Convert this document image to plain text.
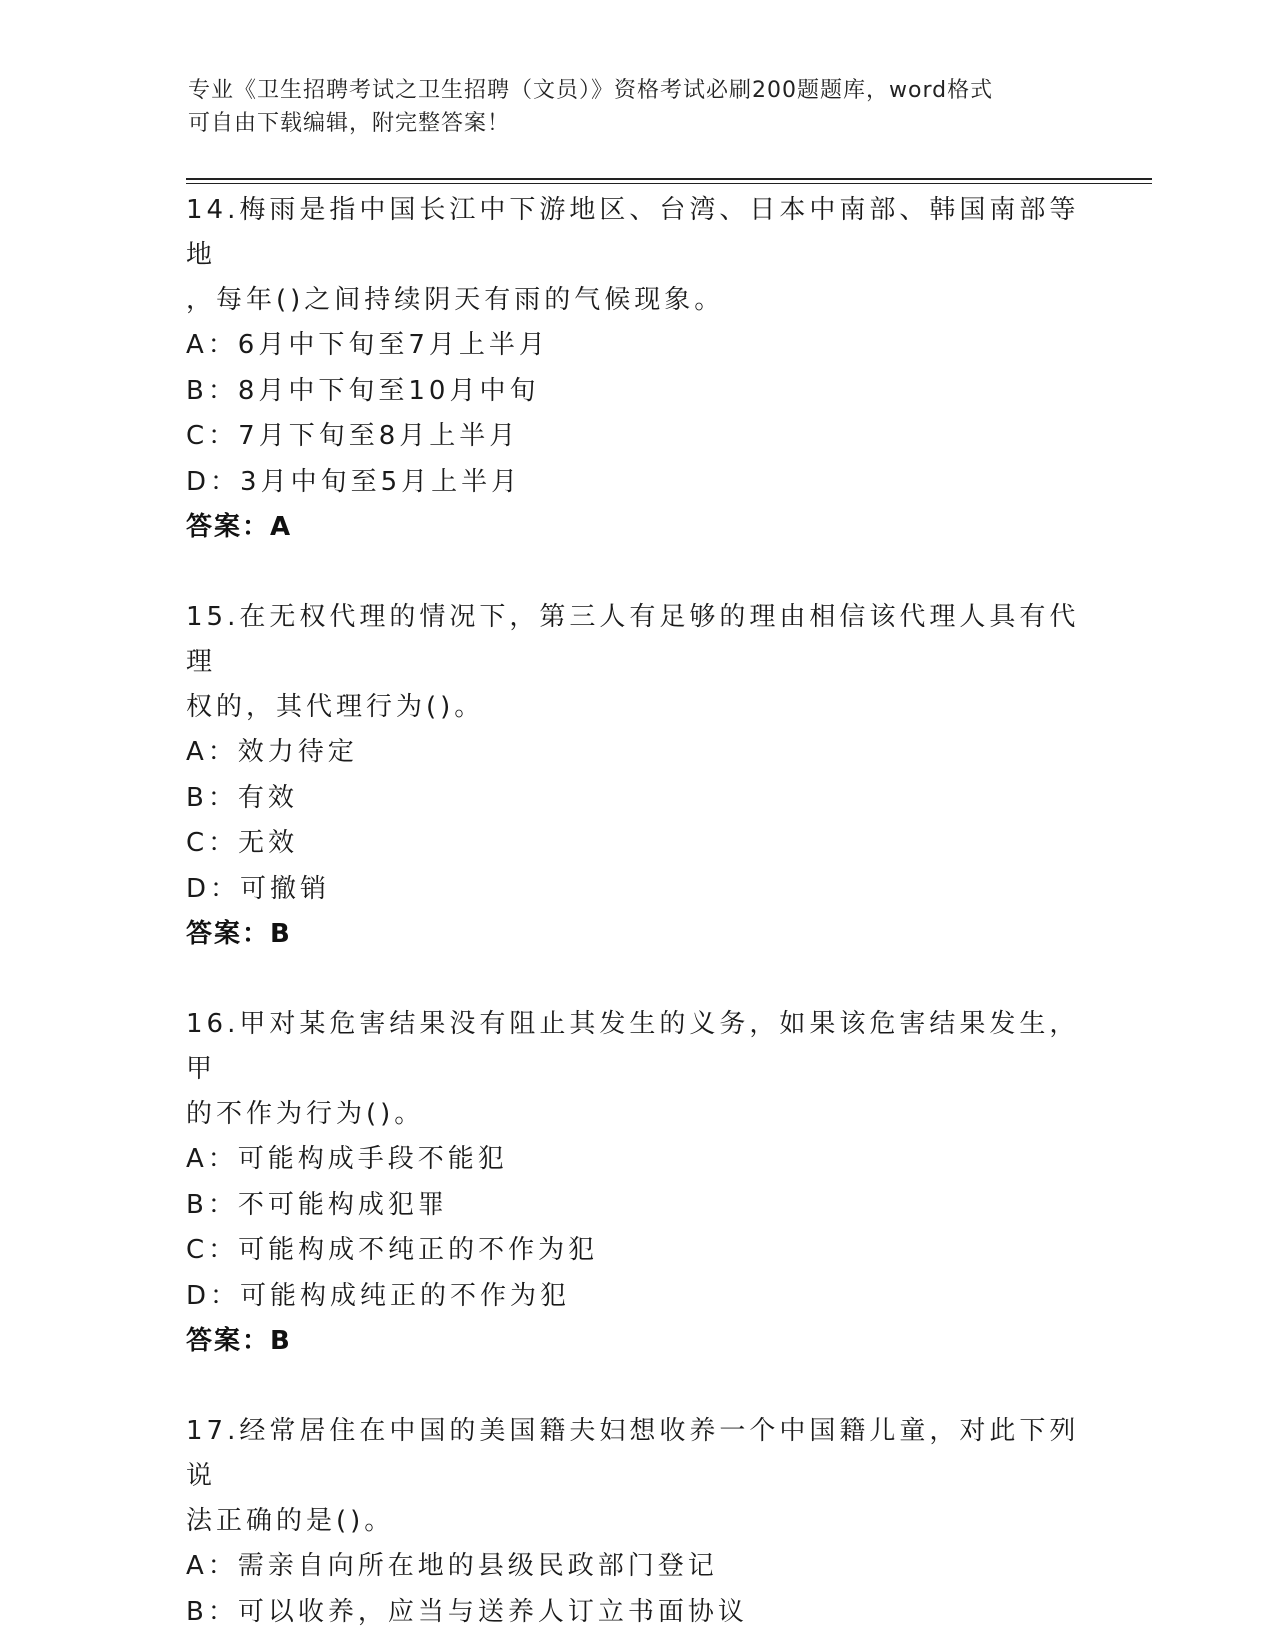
专业《卫生招聘考试之卫生招聘（文员）》资格考试必刷200题题库，word格式
可自由下载编辑，附完整答案！
14.梅雨是指中国长江中下游地区、台湾、日本中南部、韩国南部等地
，每年()之间持续阴天有雨的气候现象。
A：6月中下旬至7月上半月
B：8月中下旬至10月中旬
C：7月下旬至8月上半月
D：3月中旬至5月上半月
答案：A
15.在无权代理的情况下，第三人有足够的理由相信该代理人具有代理
权的，其代理行为()。
A：效力待定
B：有效
C：无效
D：可撤销
答案：B
16.甲对某危害结果没有阻止其发生的义务，如果该危害结果发生，甲
的不作为行为()。
A：可能构成手段不能犯
B：不可能构成犯罪
C：可能构成不纯正的不作为犯
D：可能构成纯正的不作为犯
答案：B
17.经常居住在中国的美国籍夫妇想收养一个中国籍儿童，对此下列说
法正确的是()。
A：需亲自向所在地的县级民政部门登记
B：可以收养，应当与送养人订立书面协议
